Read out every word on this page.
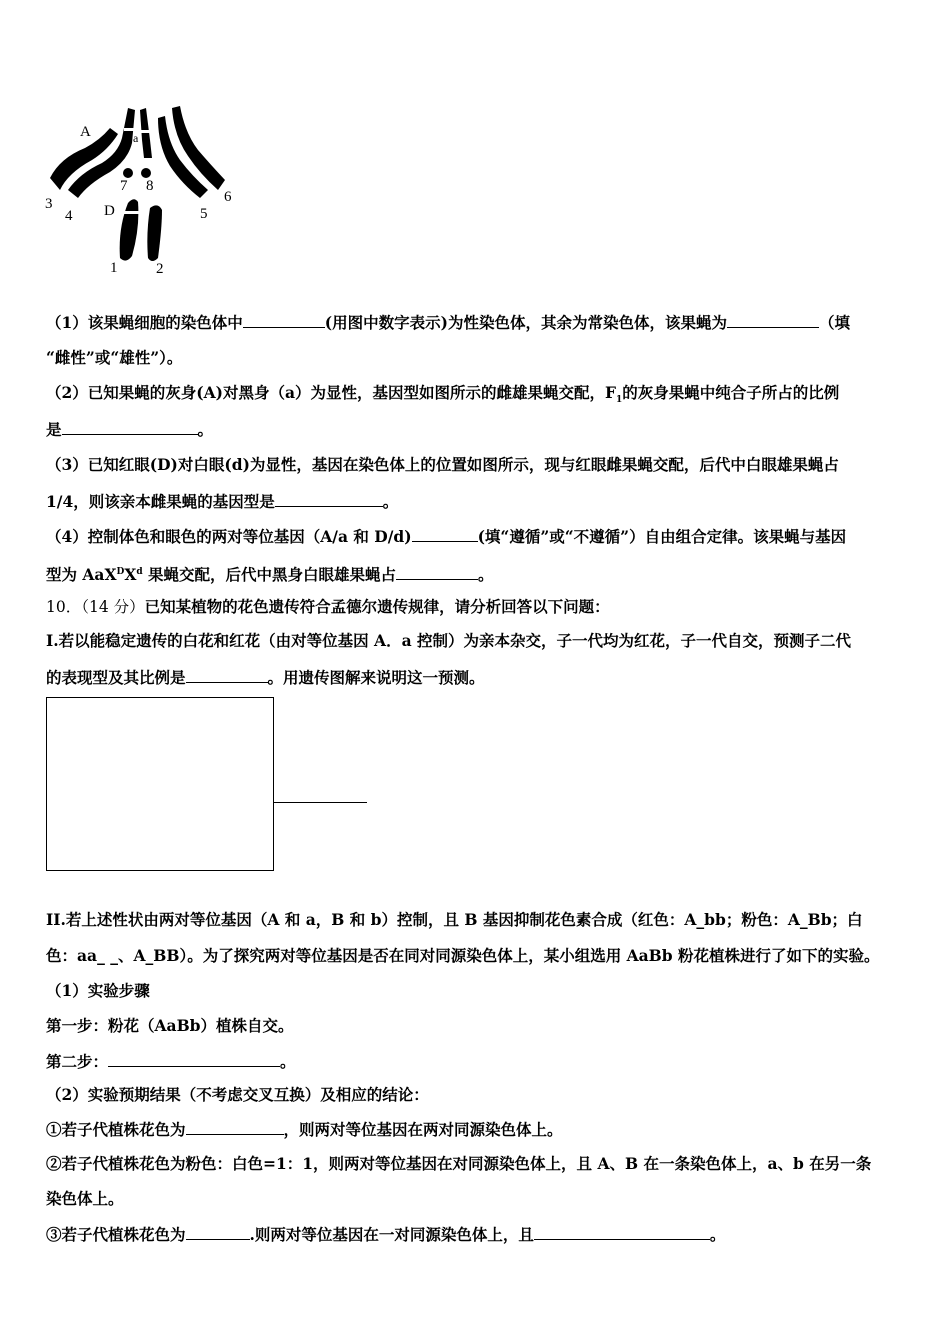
A	a
7 8
D
3
4	5
6
1	2
（1）该果蝇细胞的染色体中	(用图中数字表示)为性染色体，其余为常染色体，该果蝇为	（填
“雌性”或“雄性”）。
（2）已知果蝇的灰身(A)对黑身（a）为显性，基因型如图所示的雌雄果蝇交配，$F_1$的灰身果蝇中纯合子所占的比例
是	。
（3）已知红眼(D)对白眼(d)为显性，基因在染色体上的位置如图所示，现与红眼雌果蝇交配，后代中白眼雄果蝇占
1/4，则该亲本雌果蝇的基因型是	。
（4）控制体色和眼色的两对等位基因（A/a 和 D/d)	(填“遵循”或“不遵循”）自由组合定律。该果蝇与基因
型为 $AaX^DX^d$ 果蝇交配，后代中黑身白眼雄果蝇占	。
10．（14 分）已知某植物的花色遗传符合孟德尔遗传规律，请分析回答以下问题：
I.若以能稳定遗传的白花和红花（由对等位基因 A．a 控制）为亲本杂交，子一代均为红花，子一代自交，预测子二代
的表现型及其比例是	。用遗传图解来说明这一预测。
II.若上述性状由两对等位基因（A 和 a，B 和 b）控制，且 B 基因抑制花色素合成（红色：A_bb；粉色：A_Bb；白
色：aa_ _、A_BB）。为了探究两对等位基因是否在同对同源染色体上，某小组选用 AaBb 粉花植株进行了如下的实验。
（1）实验步骤
第一步：粉花（AaBb）植株自交。
第二步：	。
（2）实验预期结果（不考虑交叉互换）及相应的结论：
①若子代植株花色为	，则两对等位基因在两对同源染色体上。
②若子代植株花色为粉色：白色=1：1，则两对等位基因在对同源染色体上，且 A、B 在一条染色体上，a、b 在另一条
染色体上。
③若子代植株花色为	.则两对等位基因在一对同源染色体上，且	。
